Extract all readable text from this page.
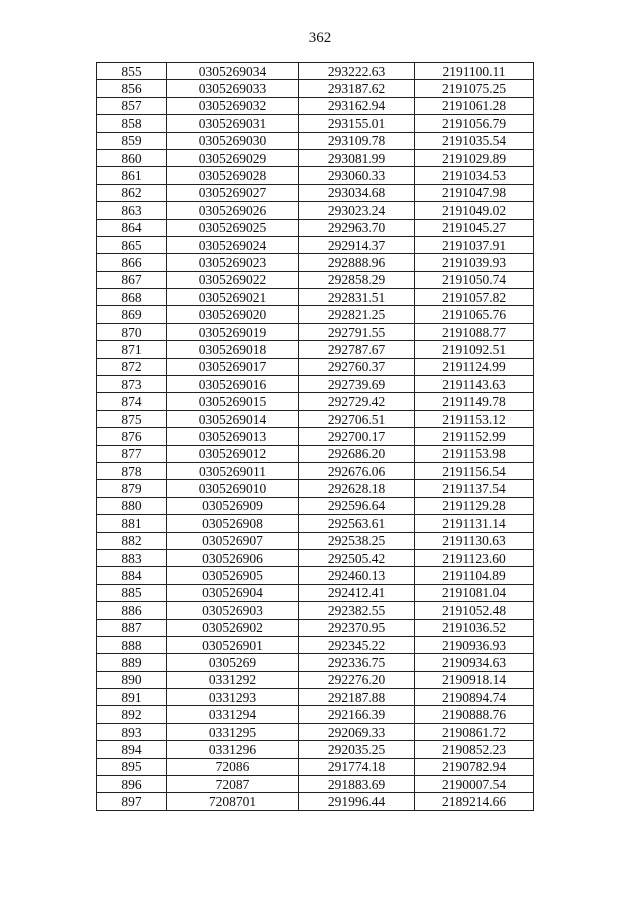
362
855	0305269034	293222.63	2191100.11
856	0305269033	293187.62	2191075.25
857	0305269032	293162.94	2191061.28
858	0305269031	293155.01	2191056.79
859	0305269030	293109.78	2191035.54
860	0305269029	293081.99	2191029.89
861	0305269028	293060.33	2191034.53
862	0305269027	293034.68	2191047.98
863	0305269026	293023.24	2191049.02
864	0305269025	292963.70	2191045.27
865	0305269024	292914.37	2191037.91
866	0305269023	292888.96	2191039.93
867	0305269022	292858.29	2191050.74
868	0305269021	292831.51	2191057.82
869	0305269020	292821.25	2191065.76
870	0305269019	292791.55	2191088.77
871	0305269018	292787.67	2191092.51
872	0305269017	292760.37	2191124.99
873	0305269016	292739.69	2191143.63
874	0305269015	292729.42	2191149.78
875	0305269014	292706.51	2191153.12
876	0305269013	292700.17	2191152.99
877	0305269012	292686.20	2191153.98
878	0305269011	292676.06	2191156.54
879	0305269010	292628.18	2191137.54
880	030526909	292596.64	2191129.28
881	030526908	292563.61	2191131.14
882	030526907	292538.25	2191130.63
883	030526906	292505.42	2191123.60
884	030526905	292460.13	2191104.89
885	030526904	292412.41	2191081.04
886	030526903	292382.55	2191052.48
887	030526902	292370.95	2191036.52
888	030526901	292345.22	2190936.93
889	0305269	292336.75	2190934.63
890	0331292	292276.20	2190918.14
891	0331293	292187.88	2190894.74
892	0331294	292166.39	2190888.76
893	0331295	292069.33	2190861.72
894	0331296	292035.25	2190852.23
895	72086	291774.18	2190782.94
896	72087	291883.69	2190007.54
897	7208701	291996.44	2189214.66
